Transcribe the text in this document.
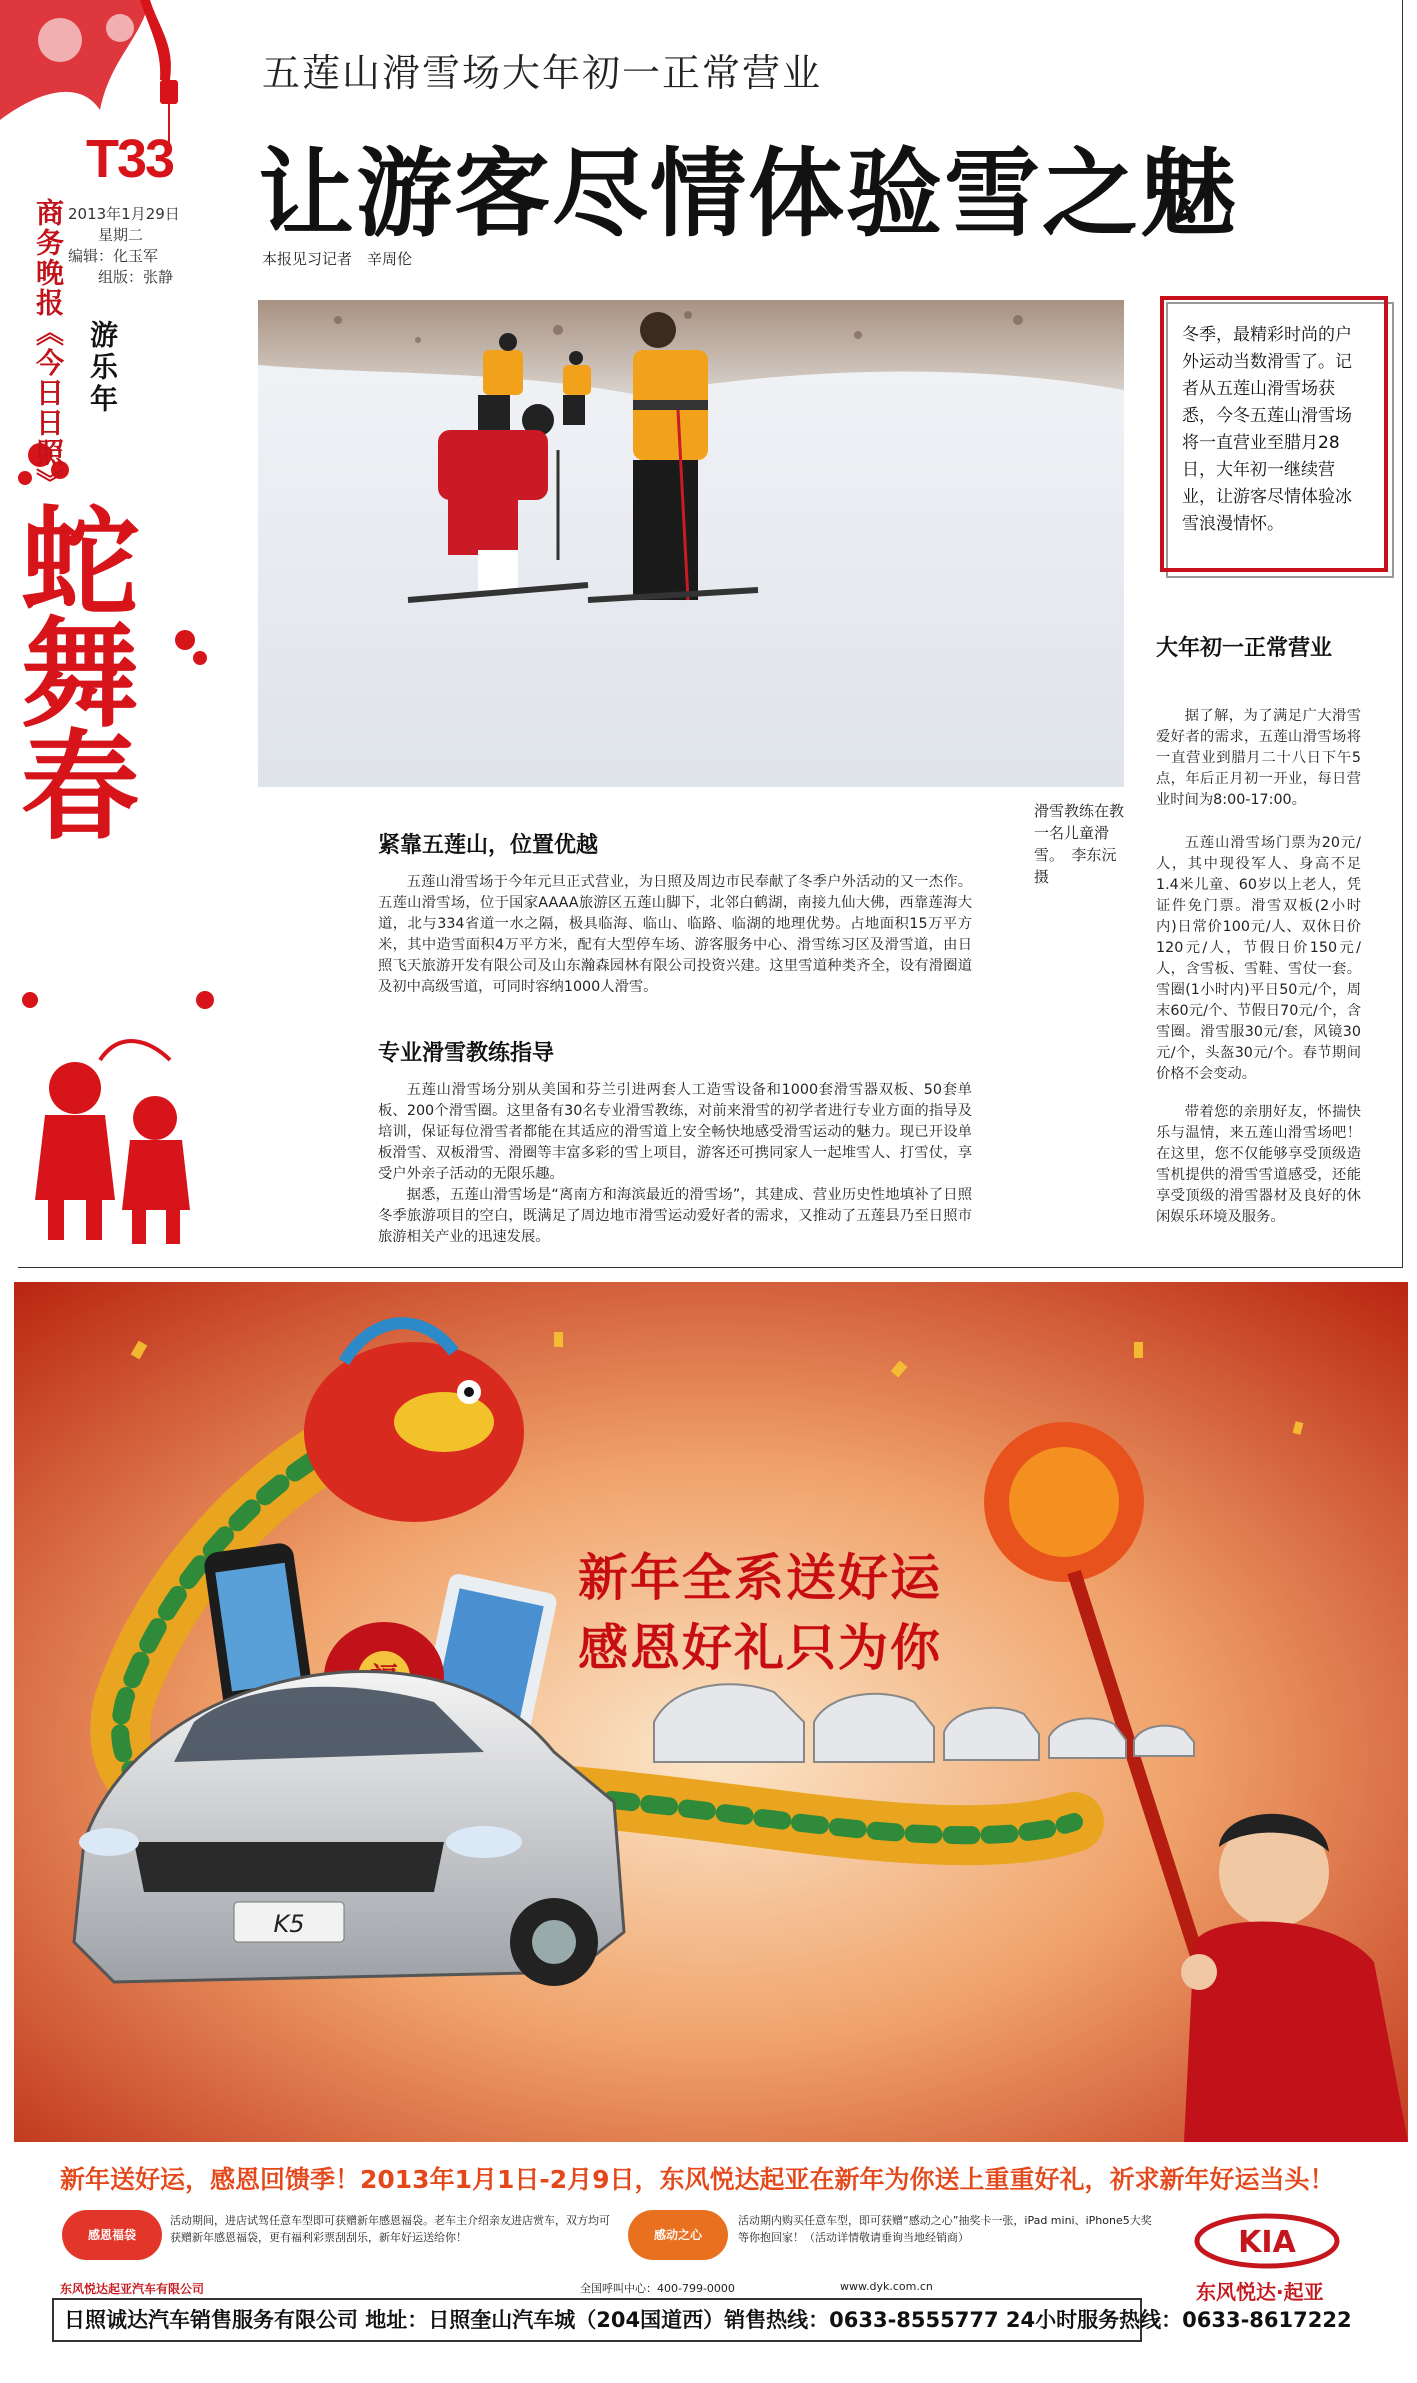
T33
2013年1月29日
星期二
编辑：化玉军
组版：张静
商务晚报《今日日照》 游乐年
蛇舞春
五莲山滑雪场大年初一正常营业
让游客尽情体验雪之魅
本报见习记者　辛周伦
滑雪教练在教一名儿童滑雪。　李东沅　摄
冬季，最精彩时尚的户外运动当数滑雪了。记者从五莲山滑雪场获悉，今冬五莲山滑雪场将一直营业至腊月28日，大年初一继续营业，让游客尽情体验冰雪浪漫情怀。
紧靠五莲山，位置优越
五莲山滑雪场于今年元旦正式营业，为日照及周边市民奉献了冬季户外活动的又一杰作。五莲山滑雪场，位于国家AAAA旅游区五莲山脚下，北邻白鹤湖，南接九仙大佛，西靠莲海大道，北与334省道一水之隔，极具临海、临山、临路、临湖的地理优势。占地面积15万平方米，其中造雪面积4万平方米，配有大型停车场、游客服务中心、滑雪练习区及滑雪道，由日照飞天旅游开发有限公司及山东瀚森园林有限公司投资兴建。这里雪道种类齐全，设有滑圈道及初中高级雪道，可同时容纳1000人滑雪。
专业滑雪教练指导
五莲山滑雪场分别从美国和芬兰引进两套人工造雪设备和1000套滑雪器双板、50套单板、200个滑雪圈。这里备有30名专业滑雪教练，对前来滑雪的初学者进行专业方面的指导及培训，保证每位滑雪者都能在其适应的滑雪道上安全畅快地感受滑雪运动的魅力。现已开设单板滑雪、双板滑雪、滑圈等丰富多彩的雪上项目，游客还可携同家人一起堆雪人、打雪仗，享受户外亲子活动的无限乐趣。
据悉，五莲山滑雪场是“离南方和海滨最近的滑雪场”，其建成、营业历史性地填补了日照冬季旅游项目的空白，既满足了周边地市滑雪运动爱好者的需求，又推动了五莲县乃至日照市旅游相关产业的迅速发展。
大年初一正常营业
据了解，为了满足广大滑雪爱好者的需求，五莲山滑雪场将一直营业到腊月二十八日下午5点，年后正月初一开业，每日营业时间为8:00-17:00。
五莲山滑雪场门票为20元/人，其中现役军人、身高不足1.4米儿童、60岁以上老人，凭证件免门票。滑雪双板(2小时内)日常价100元/人、双休日价120元/人，节假日价150元/人，含雪板、雪鞋、雪仗一套。雪圈(1小时内)平日50元/个，周末60元/个、节假日70元/个，含雪圈。滑雪服30元/套，风镜30元/个，头盔30元/个。春节期间价格不会变动。
带着您的亲朋好友，怀揣快乐与温情，来五莲山滑雪场吧！在这里，您不仅能够享受顶级造雪机提供的滑雪雪道感受，还能享受顶级的滑雪器材及良好的休闲娱乐环境及服务。
K5
新年全系送好运
感恩好礼只为你
新年送好运，感恩回馈季！2013年1月1日-2月9日，东风悦达起亚在新年为你送上重重好礼，祈求新年好运当头！
感恩福袋
活动期间，进店试驾任意车型即可获赠新年感恩福袋。老车主介绍亲友进店赏车，双方均可获赠新年感恩福袋，更有福利彩票刮刮乐，新年好运送给你！	感动之心
活动期内购买任意车型，即可获赠“感动之心”抽奖卡一张，iPad mini、iPhone5大奖等你抱回家！（活动详情敬请垂询当地经销商）	KIA
东风悦达·起亚
东风悦达起亚汽车有限公司	全国呼叫中心：400-799-0000	www.dyk.com.cn
日照诚达汽车销售服务有限公司 地址：日照奎山汽车城（204国道西）销售热线：0633-8555777 24小时服务热线：0633-8617222
